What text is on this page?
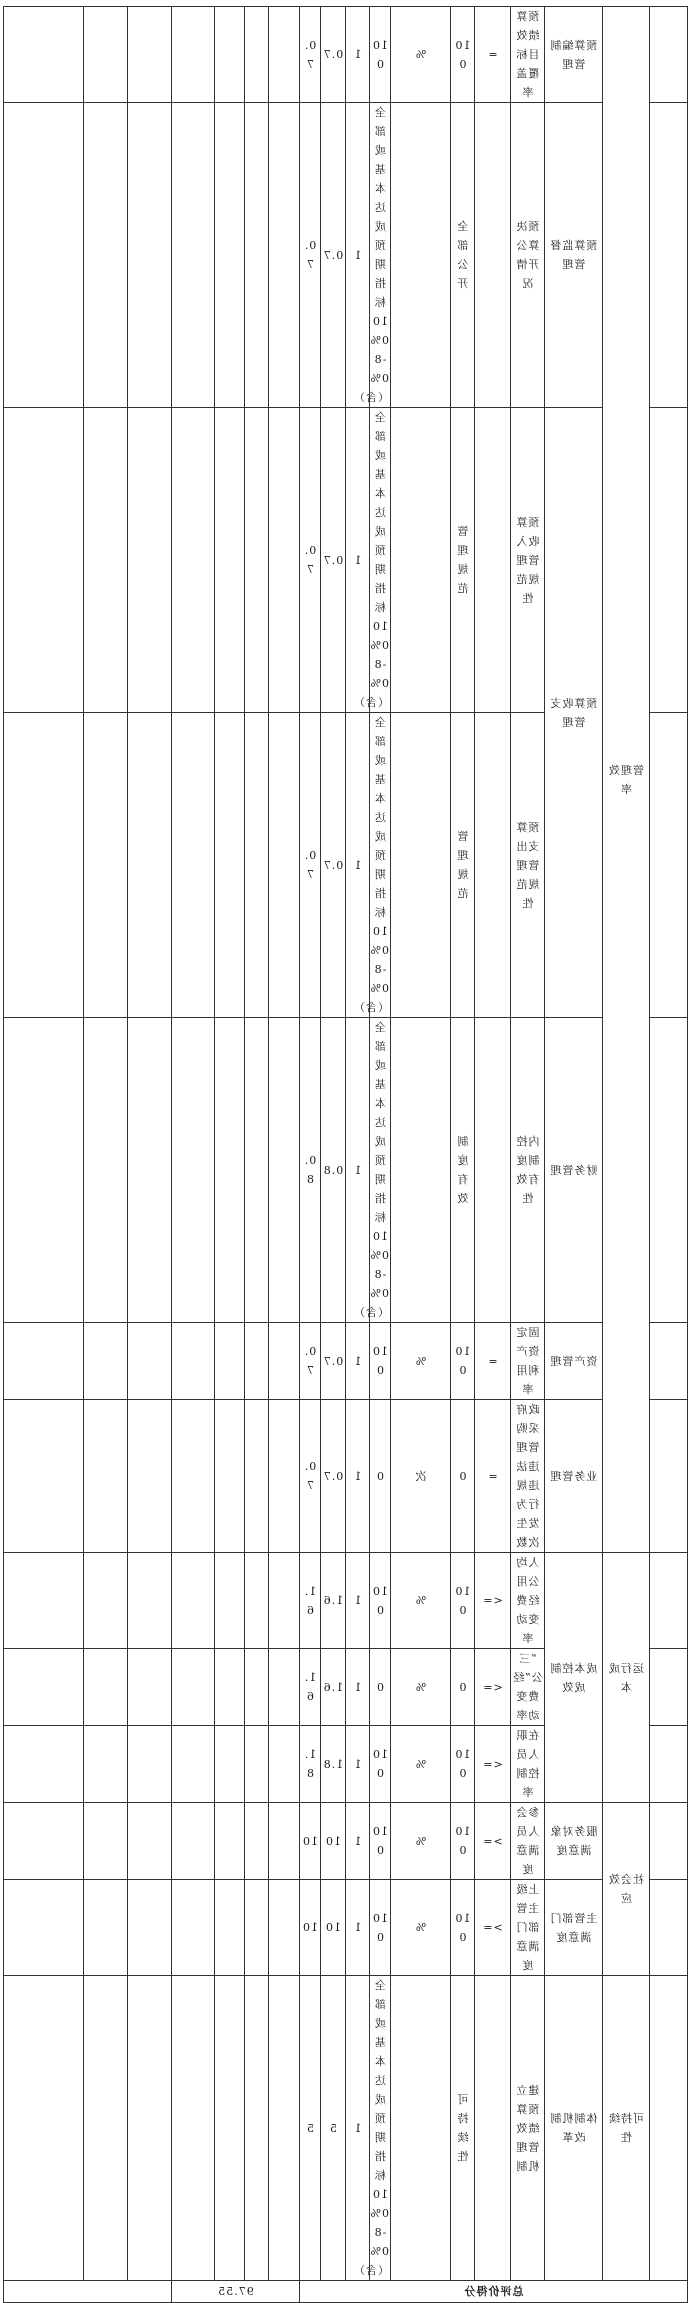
	管理效率	预算编制管理	预算绩效目标覆盖率	=	100	%	100	1	0.7	0.7							
		预算监督管理	预决算公开情况		全部公开		全部或基本达成预期指标100%-80%（含）	1	0.7	0.7							
		预算收支管理	预算收入管理规范性		管理规范		全部或基本达成预期指标100%-80%（含）	1	0.7	0.7							
			预算支出管理规范性		管理规范		全部或基本达成预期指标100%-80%（含）	1	0.7	0.7							
		财务管理	内控制度有效性		制度有效		全部或基本达成预期指标100%-80%（含）	1	0.8	0.8							
		资产管理	固定资产利用率	=	100	%	100	1	0.7	0.7							
		业务管理	政府采购管理违法违规行为发生次数	=	0	次	0	1	0.7	0.7							
	运行成本	成本控制成效	人均公用经费变动率	<=	100	%	100	1	1.6	1.6							
			“三公”经费变动率	<=	0	%	0	1	1.6	1.6							
			在职人员控制率	<=	100	%	100	1	1.8	1.8							
	社会效应	服务对象满意度	参会人员满意度	>=	100	%	100	1	10	10							
		主管部门满意度	上级主管部门满意度	>=	100	%	100	1	10	10							
	可持续性	体制机制改革	建立预算绩效管理机制		可持续性		全部或基本达成预期指标100%-80%（含）	1	5	5							
总评价得分											97.55						
